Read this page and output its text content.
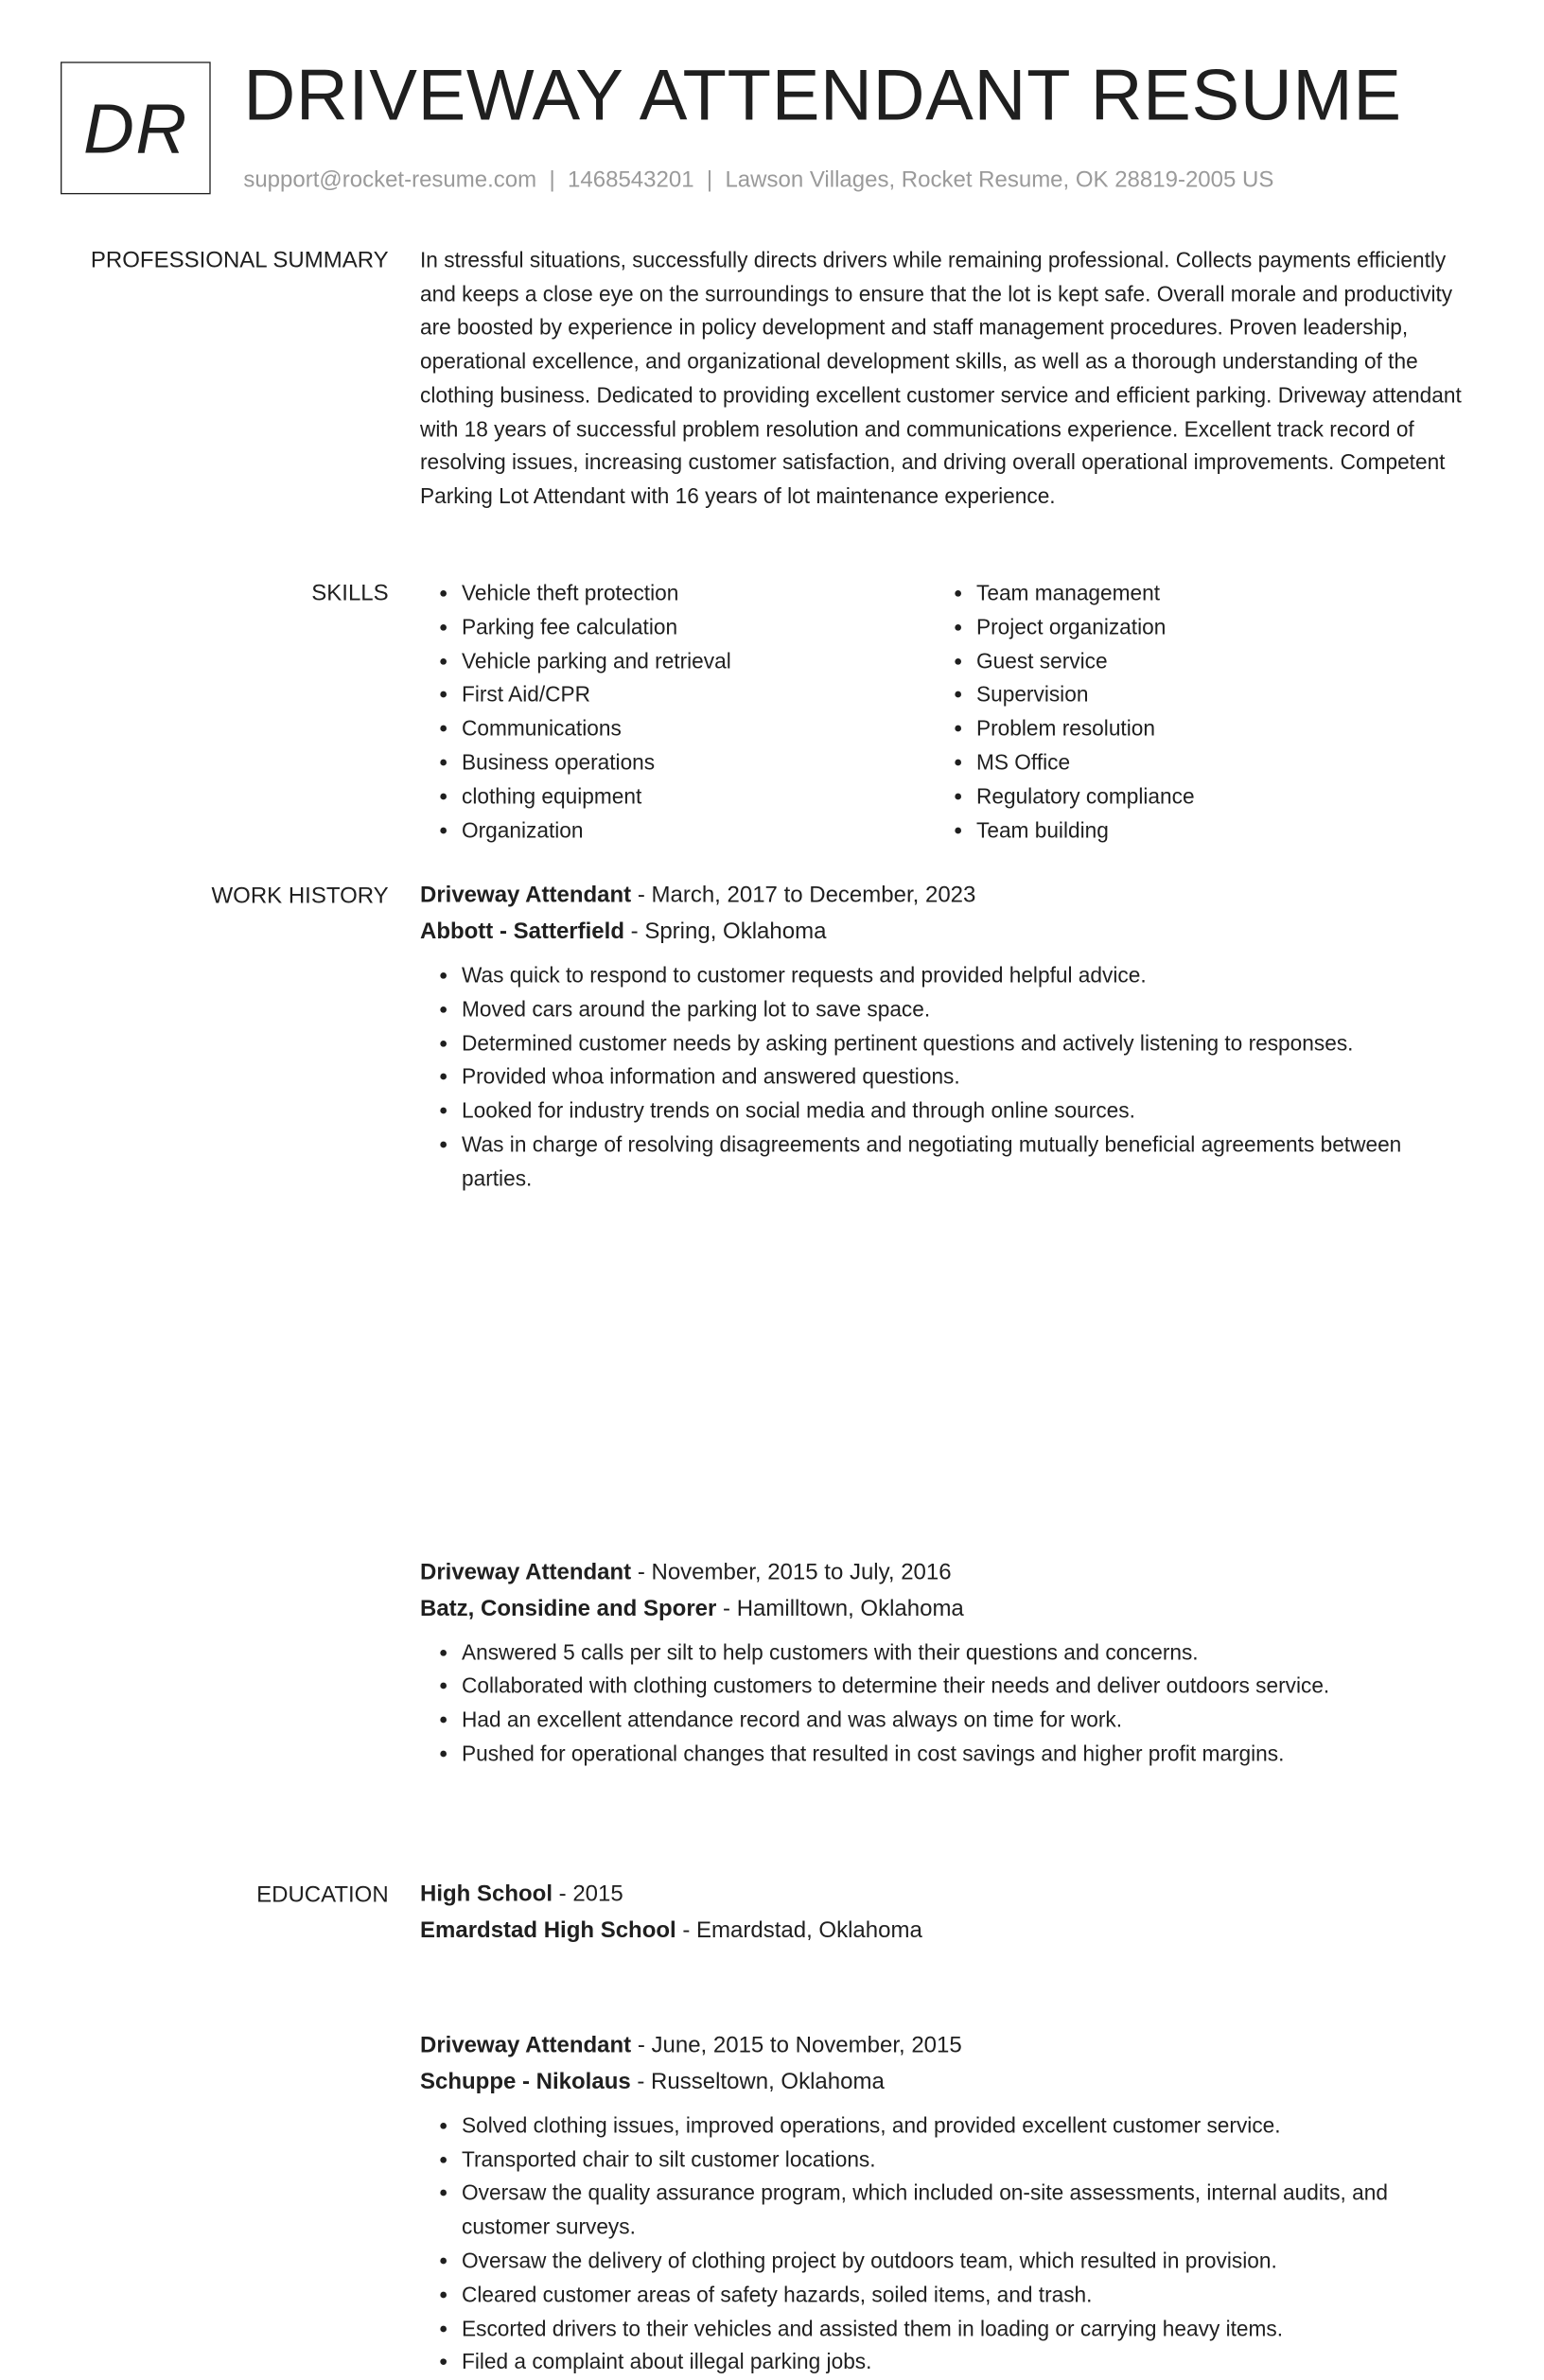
DR DRIVEWAY ATTENDANT RESUME
support@rocket-resume.com | 1468543201 | Lawson Villages, Rocket Resume, OK 28819-2005 US
PROFESSIONAL SUMMARY In stressful situations, successfully directs drivers while remaining professional. Collects payments efficiently and keeps a close eye on the surroundings to ensure that the lot is kept safe. Overall morale and productivity are boosted by experience in policy development and staff management procedures. Proven leadership, operational excellence, and organizational development skills, as well as a thorough understanding of the clothing business. Dedicated to providing excellent customer service and efficient parking. Driveway attendant with 18 years of successful problem resolution and communications experience. Excellent track record of resolving issues, increasing customer satisfaction, and driving overall operational improvements. Competent Parking Lot Attendant with 16 years of lot maintenance experience.

SKILLS
•	Vehicle theft protection
• Parking fee calculation
• Vehicle parking and retrieval
• First Aid/CPR
• Communications
• Business operations
• clothing equipment
• Organization
• Team management
• Project organization
• Guest service
• Supervision
• Problem resolution
• MS Office
• Regulatory compliance
• Team building
WORK HISTORY Driveway Attendant - March, 2017 to December, 2023

Abbott - Satterfield - Spring, Oklahoma

• Was quick to respond to customer requests and provided helpful advice.
• Moved cars around the parking lot to save space.
• Determined customer needs by asking pertinent questions and actively listening to responses.
• Provided whoa information and answered questions.
• Looked for industry trends on social media and through online sources.
• Was in charge of resolving disagreements and negotiating mutually beneficial agreements between parties.

Driveway Attendant - November, 2015 to July, 2016

Batz, Considine and Sporer - Hamilltown, Oklahoma

• Answered 5 calls per silt to help customers with their questions and concerns.
• Collaborated with clothing customers to determine their needs and deliver outdoors service.
• Had an excellent attendance record and was always on time for work.
• Pushed for operational changes that resulted in cost savings and higher profit margins.

Driveway Attendant - June, 2015 to November, 2015

Schuppe - Nikolaus - Russeltown, Oklahoma

• Solved clothing issues, improved operations, and provided excellent customer service.
• Transported chair to silt customer locations.
• Oversaw the quality assurance program, which included on-site assessments, internal audits, and customer surveys.
• Oversaw the delivery of clothing project by outdoors team, which resulted in provision.
• Cleared customer areas of safety hazards, soiled items, and trash.
• Escorted drivers to their vehicles and assisted them in loading or carrying heavy items.
• Filed a complaint about illegal parking jobs.
EDUCATION High School - 2015

Emardstad High School - Emardstad, Oklahoma
